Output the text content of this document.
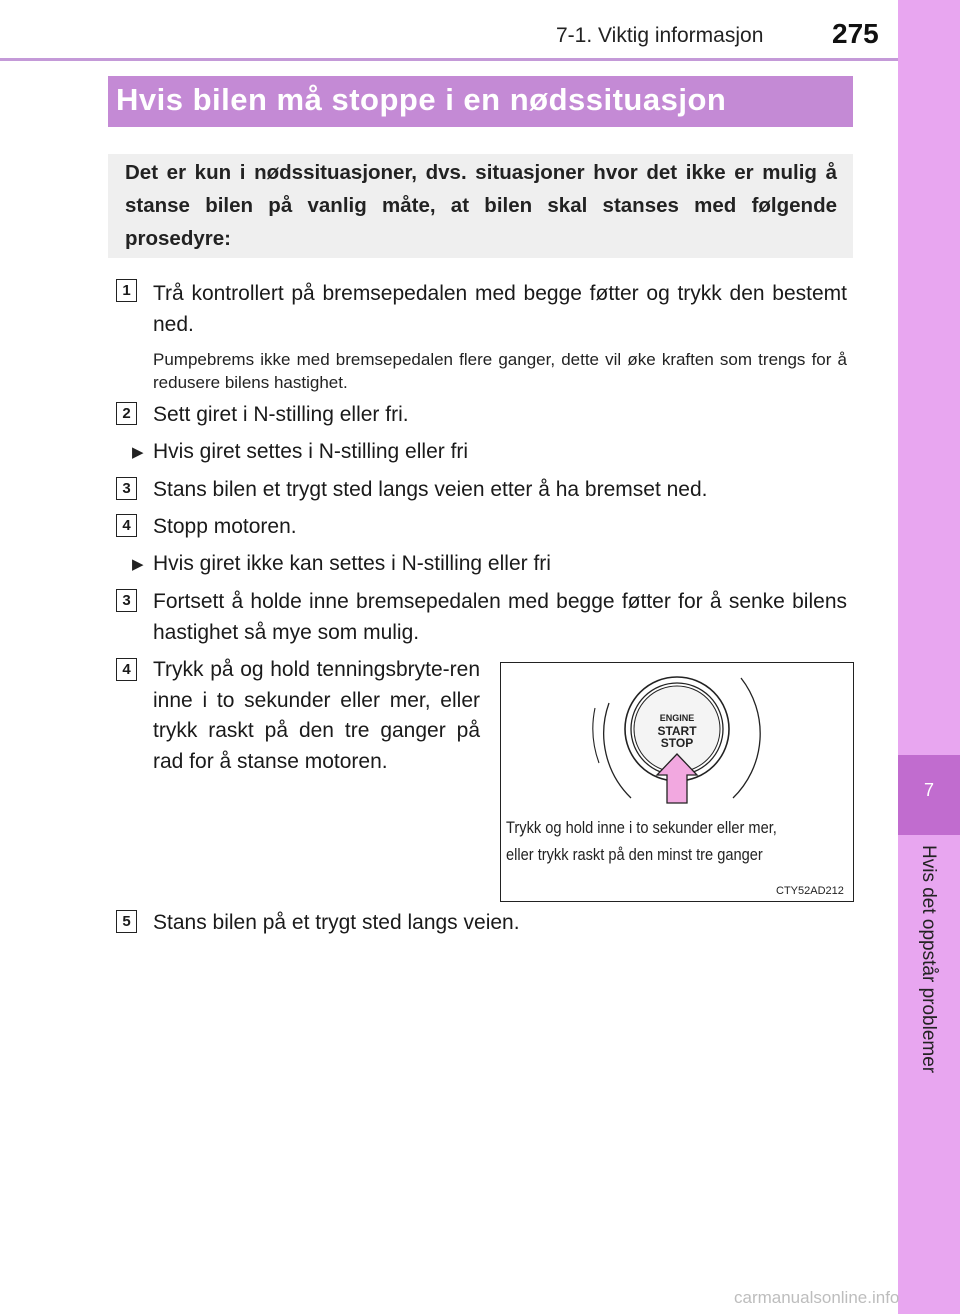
7-1. Viktig informasjon 275
7
Hvis det oppstår problemer
Hvis bilen må stoppe i en nødssituasjon
Det er kun i nødssituasjoner, dvs. situasjoner hvor det ikke er mulig å stanse bilen på vanlig måte, at bilen skal stanses med følgende prosedyre:
1	Trå kontrollert på bremsepedalen med begge føtter og trykk den bestemt ned.
Pumpebrems ikke med bremsepedalen flere ganger, dette vil øke kraften som trengs for å redusere bilens hastighet.
2	Sett giret i N-stilling eller fri.
▶ Hvis giret settes i N-stilling eller fri
3	Stans bilen et trygt sted langs veien etter å ha bremset ned.
4	Stopp motoren.
▶ Hvis giret ikke kan settes i N-stilling eller fri
3	Fortsett å holde inne bremsepedalen med begge føtter for å senke bilens hastighet så mye som mulig.
4	Trykk på og hold tenningsbryte-ren inne i to sekunder eller mer, eller trykk raskt på den tre ganger på rad for å stanse motoren.
ENGINE
START
STOP
Trykk og hold inne i to sekunder eller mer,
eller trykk raskt på den minst tre ganger
CTY52AD212
5	Stans bilen på et trygt sted langs veien.
carmanualsonline.info
